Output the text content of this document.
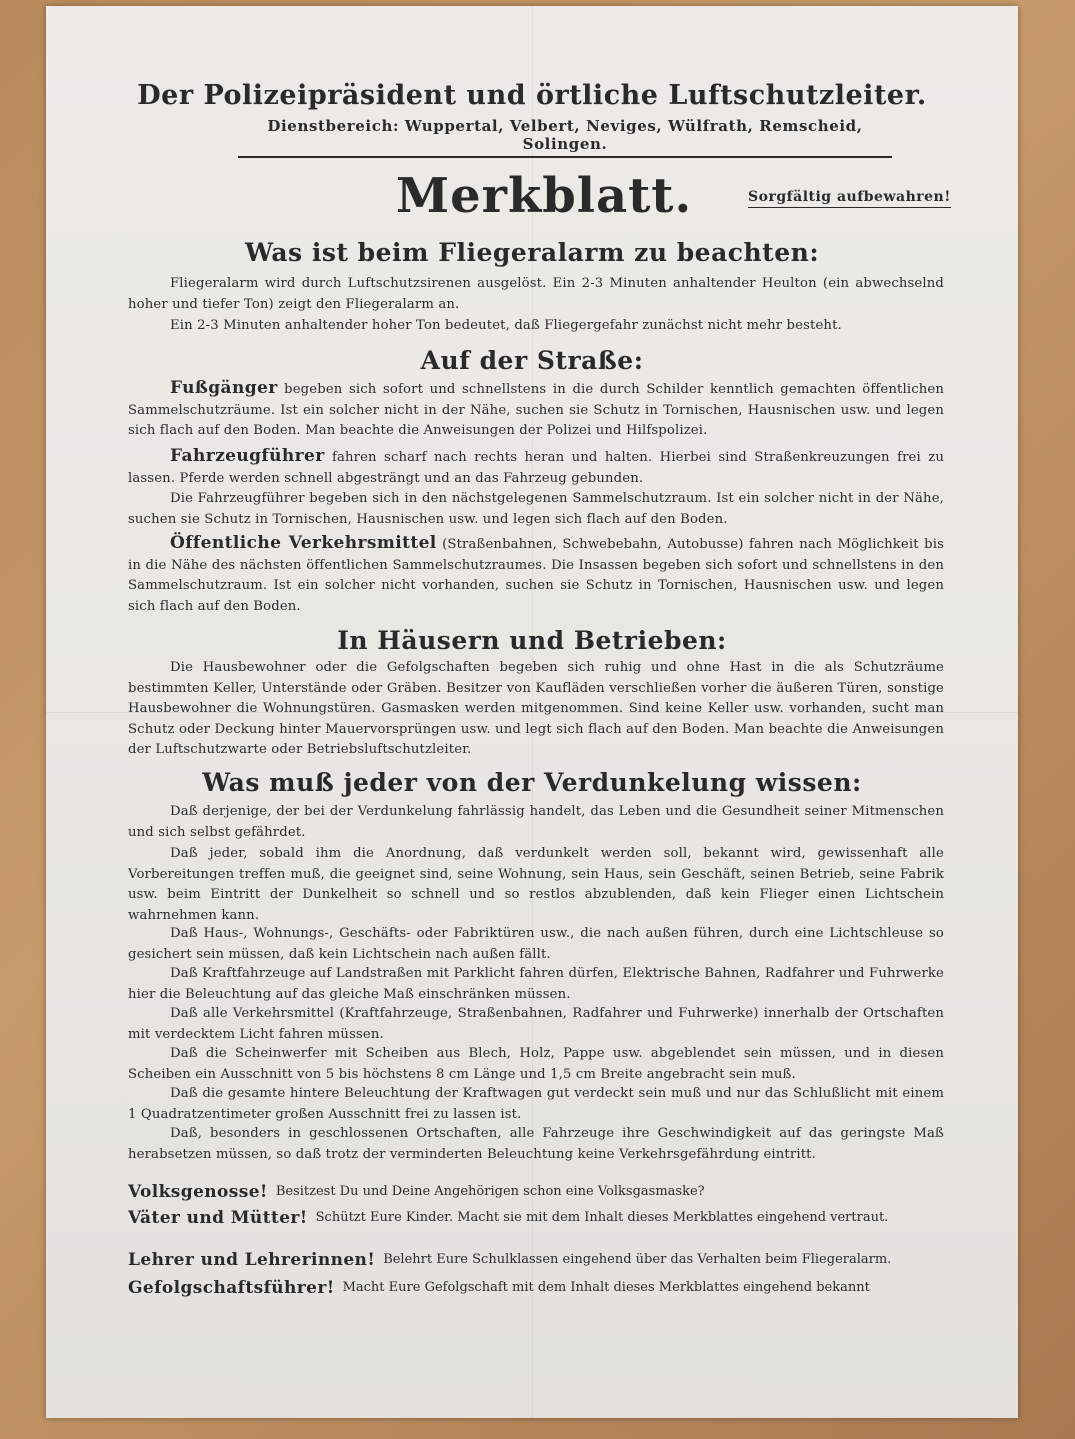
Der Polizeipräsident und örtliche Luftschutzleiter.
Dienstbereich: Wuppertal, Velbert, Neviges, Wülfrath, Remscheid, Solingen.
Merkblatt.	Sorgfältig aufbewahren!
Was ist beim Fliegeralarm zu beachten:
Fliegeralarm wird durch Luftschutzsirenen ausgelöst. Ein 2-3 Minuten anhaltender Heulton (ein abwechselnd hoher und tiefer Ton) zeigt den Fliegeralarm an.
Ein 2-3 Minuten anhaltender hoher Ton bedeutet, daß Fliegergefahr zunächst nicht mehr besteht.
Auf der Straße:
Fußgänger begeben sich sofort und schnellstens in die durch Schilder kenntlich gemachten öffentlichen Sammelschutzräume. Ist ein solcher nicht in der Nähe, suchen sie Schutz in Tornischen, Hausnischen usw. und legen sich flach auf den Boden. Man beachte die Anweisungen der Polizei und Hilfspolizei.
Fahrzeugführer fahren scharf nach rechts heran und halten. Hierbei sind Straßenkreuzungen frei zu lassen. Pferde werden schnell abgesträngt und an das Fahrzeug gebunden.
Die Fahrzeugführer begeben sich in den nächstgelegenen Sammelschutzraum. Ist ein solcher nicht in der Nähe, suchen sie Schutz in Tornischen, Hausnischen usw. und legen sich flach auf den Boden.
Öffentliche Verkehrsmittel (Straßenbahnen, Schwebebahn, Autobusse) fahren nach Möglichkeit bis in die Nähe des nächsten öffentlichen Sammelschutzraumes. Die Insassen begeben sich sofort und schnellstens in den Sammelschutzraum. Ist ein solcher nicht vorhanden, suchen sie Schutz in Tornischen, Hausnischen usw. und legen sich flach auf den Boden.
In Häusern und Betrieben:
Die Hausbewohner oder die Gefolgschaften begeben sich ruhig und ohne Hast in die als Schutzräume bestimmten Keller, Unterstände oder Gräben. Besitzer von Kaufläden verschließen vorher die äußeren Türen, sonstige Hausbewohner die Wohnungstüren. Gasmasken werden mitgenommen. Sind keine Keller usw. vorhanden, sucht man Schutz oder Deckung hinter Mauervorsprüngen usw. und legt sich flach auf den Boden. Man beachte die Anweisungen der Luftschutzwarte oder Betriebsluftschutzleiter.
Was muß jeder von der Verdunkelung wissen:
Daß derjenige, der bei der Verdunkelung fahrlässig handelt, das Leben und die Gesundheit seiner Mitmenschen und sich selbst gefährdet.
Daß jeder, sobald ihm die Anordnung, daß verdunkelt werden soll, bekannt wird, gewissenhaft alle Vorbereitungen treffen muß, die geeignet sind, seine Wohnung, sein Haus, sein Geschäft, seinen Betrieb, seine Fabrik usw. beim Eintritt der Dunkelheit so schnell und so restlos abzublenden, daß kein Flieger einen Lichtschein wahrnehmen kann.
Daß Haus-, Wohnungs-, Geschäfts- oder Fabriktüren usw., die nach außen führen, durch eine Lichtschleuse so gesichert sein müssen, daß kein Lichtschein nach außen fällt.
Daß Kraftfahrzeuge auf Landstraßen mit Parklicht fahren dürfen, Elektrische Bahnen, Radfahrer und Fuhrwerke hier die Beleuchtung auf das gleiche Maß einschränken müssen.
Daß alle Verkehrsmittel (Kraftfahrzeuge, Straßenbahnen, Radfahrer und Fuhrwerke) innerhalb der Ortschaften mit verdecktem Licht fahren müssen.
Daß die Scheinwerfer mit Scheiben aus Blech, Holz, Pappe usw. abgeblendet sein müssen, und in diesen Scheiben ein Ausschnitt von 5 bis höchstens 8 cm Länge und 1,5 cm Breite angebracht sein muß.
Daß die gesamte hintere Beleuchtung der Kraftwagen gut verdeckt sein muß und nur das Schlußlicht mit einem 1 Quadratzentimeter großen Ausschnitt frei zu lassen ist.
Daß, besonders in geschlossenen Ortschaften, alle Fahrzeuge ihre Geschwindigkeit auf das geringste Maß herabsetzen müssen, so daß trotz der verminderten Beleuchtung keine Verkehrsgefährdung eintritt.
Volksgenosse! Besitzest Du und Deine Angehörigen schon eine Volksgasmaske?
Väter und Mütter! Schützt Eure Kinder. Macht sie mit dem Inhalt dieses Merkblattes eingehend vertraut.
Lehrer und Lehrerinnen! Belehrt Eure Schulklassen eingehend über das Verhalten beim Fliegeralarm.
Gefolgschaftsführer! Macht Eure Gefolgschaft mit dem Inhalt dieses Merkblattes eingehend bekannt
